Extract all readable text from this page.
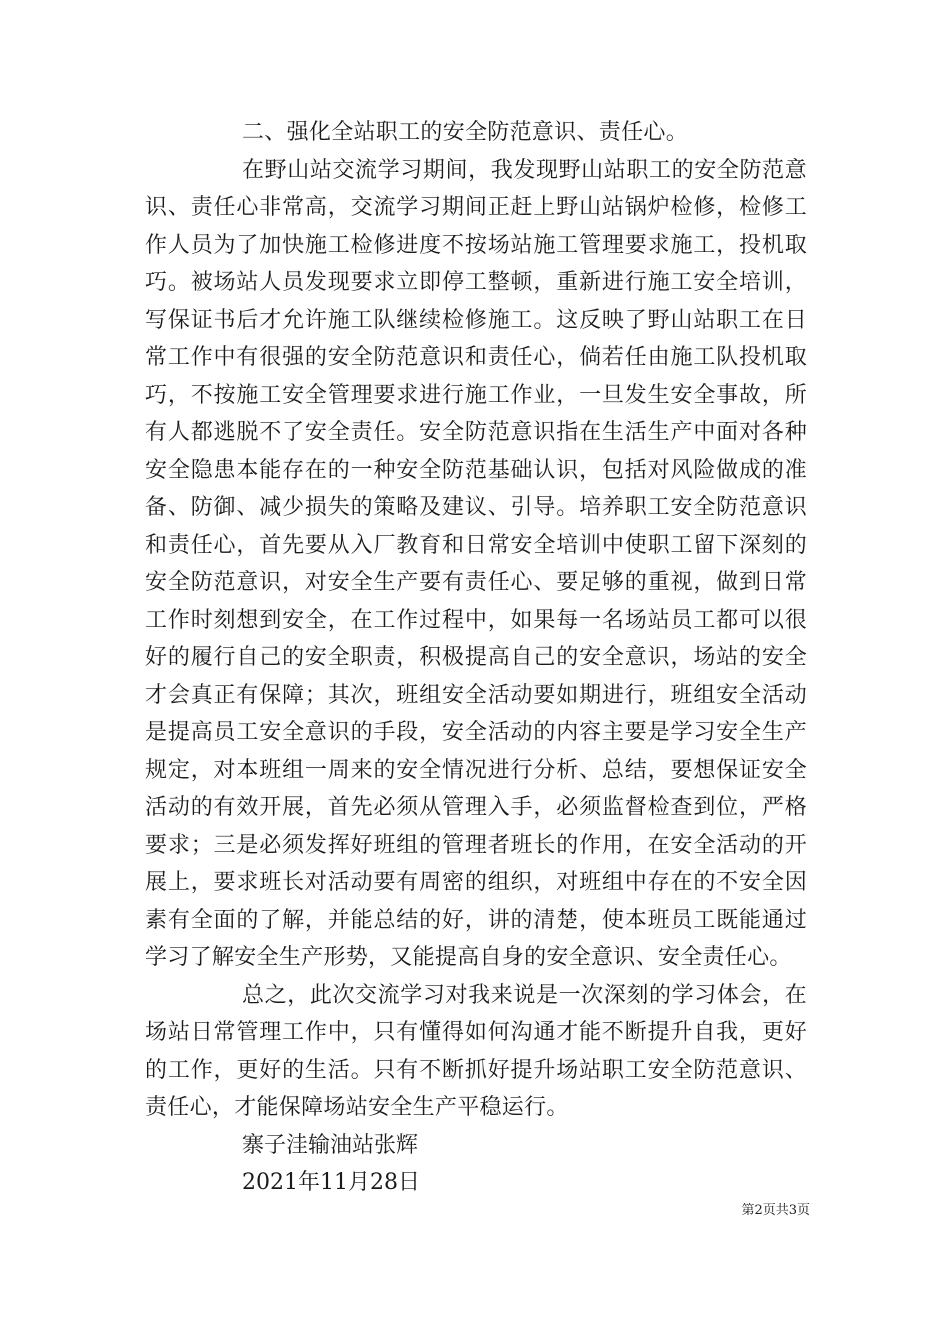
二、强化全站职工的安全防范意识、责任心。

在野山站交流学习期间，我发现野山站职工的安全防范意识、责任心非常高，交流学习期间正赶上野山站锅炉检修，检修工作人员为了加快施工检修进度不按场站施工管理要求施工，投机取巧。被场站人员发现要求立即停工整顿，重新进行施工安全培训，写保证书后才允许施工队继续检修施工。这反映了野山站职工在日常工作中有很强的安全防范意识和责任心，倘若任由施工队投机取巧，不按施工安全管理要求进行施工作业，一旦发生安全事故，所有人都逃脱不了安全责任。安全防范意识指在生活生产中面对各种安全隐患本能存在的一种安全防范基础认识，包括对风险做成的准备、防御、减少损失的策略及建议、引导。培养职工安全防范意识和责任心，首先要从入厂教育和日常安全培训中使职工留下深刻的安全防范意识，对安全生产要有责任心、要足够的重视，做到日常工作时刻想到安全，在工作过程中，如果每一名场站员工都可以很好的履行自己的安全职责，积极提高自己的安全意识，场站的安全才会真正有保障；其次，班组安全活动要如期进行，班组安全活动是提高员工安全意识的手段，安全活动的内容主要是学习安全生产规定，对本班组一周来的安全情况进行分析、总结，要想保证安全活动的有效开展，首先必须从管理入手，必须监督检查到位，严格要求；三是必须发挥好班组的管理者班长的作用，在安全活动的开展上，要求班长对活动要有周密的组织，对班组中存在的不安全因素有全面的了解，并能总结的好，讲的清楚，使本班员工既能通过学习了解安全生产形势，又能提高自身的安全意识、安全责任心。

总之，此次交流学习对我来说是一次深刻的学习体会，在场站日常管理工作中，只有懂得如何沟通才能不断提升自我，更好的工作，更好的生活。只有不断抓好提升场站职工安全防范意识、责任心，才能保障场站安全生产平稳运行。

寨子洼输油站张辉

2021年11月28日

第2页共3页
